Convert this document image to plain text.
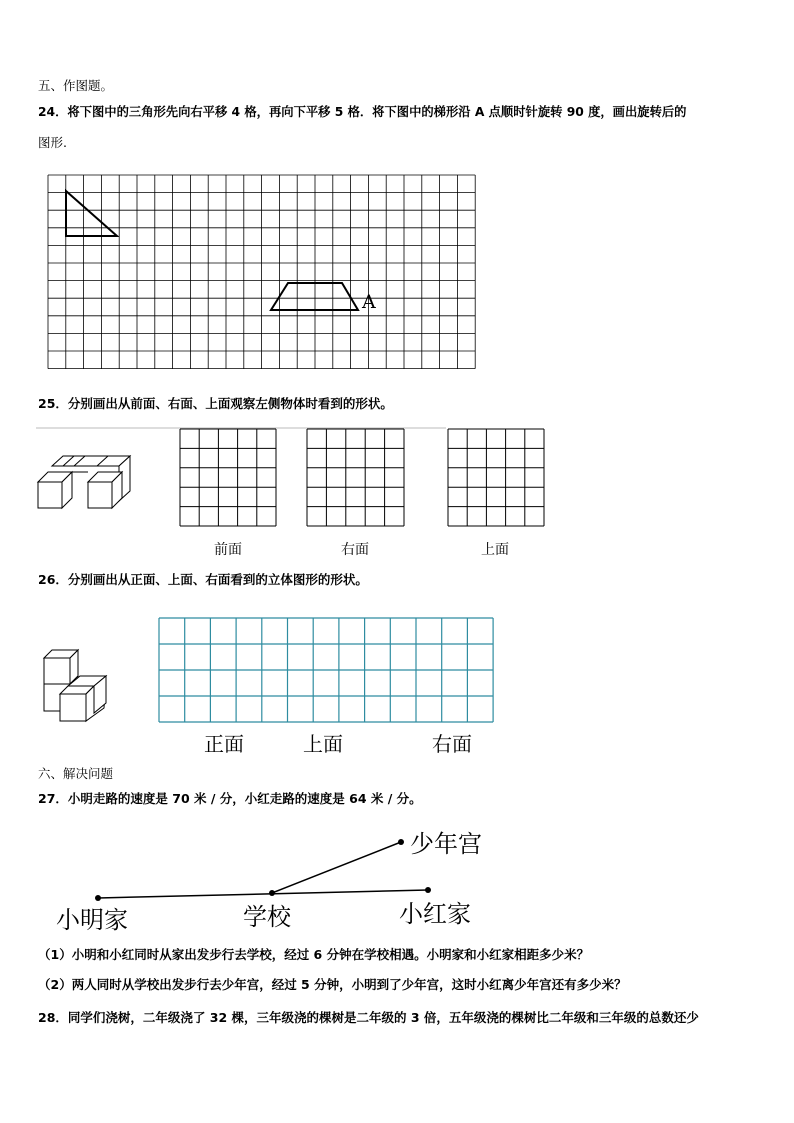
五、作图题。
24．将下图中的三角形先向右平移 4 格，再向下平移 5 格．将下图中的梯形沿 A 点顺时针旋转 90 度，画出旋转后的
图形.
25．分别画出从前面、右面、上面观察左侧物体时看到的形状。
26．分别画出从正面、上面、右面看到的立体图形的形状。
六、解决问题
27．小明走路的速度是 70 米 / 分，小红走路的速度是 64 米 / 分。
（1）小明和小红同时从家出发步行去学校，经过 6 分钟在学校相遇。小明家和小红家相距多少米？
（2）两人同时从学校出发步行去少年宫，经过 5 分钟，小明到了少年宫，这时小红离少年宫还有多少米？
28．同学们浇树，二年级浇了 32 棵，三年级浇的棵树是二年级的 3 倍，五年级浇的棵树比二年级和三年级的总数还少
A
前面	右面	上面
正面	上面	右面
少年宫
小明家	学校	小红家
